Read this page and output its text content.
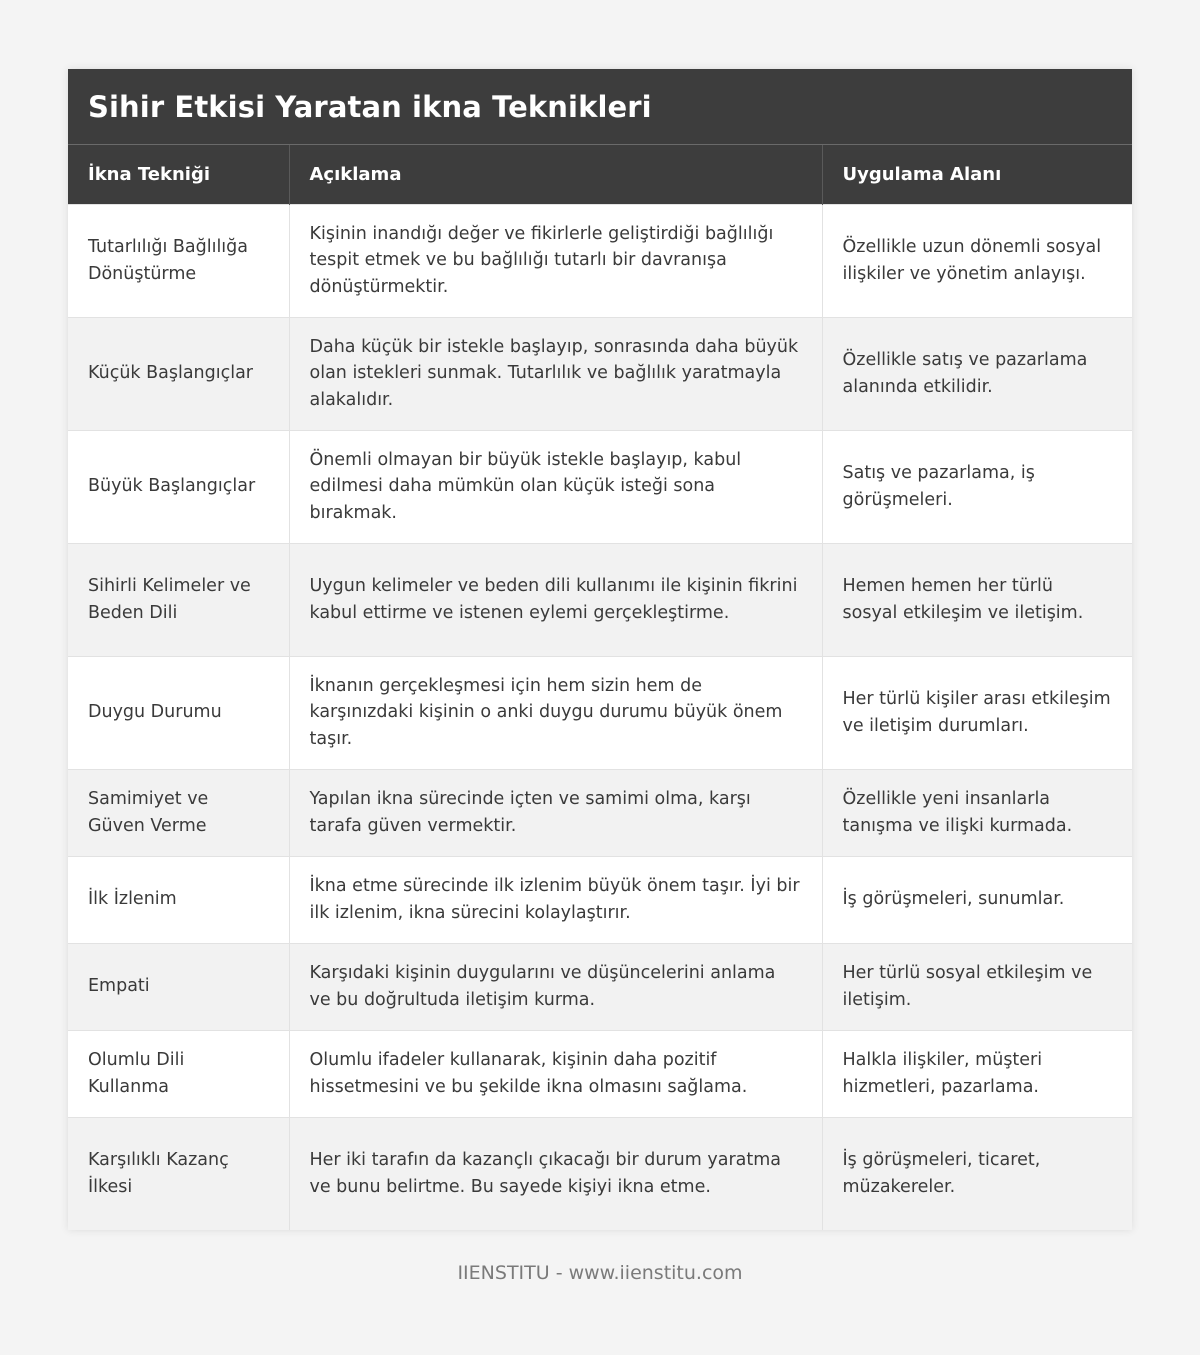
Sihir Etkisi Yaratan ikna Teknikleri
İkna Tekniği	Açıklama	Uygulama Alanı
Tutarlılığı Bağlılığa Dönüştürme	Kişinin inandığı değer ve fikirlerle geliştirdiği bağlılığı tespit etmek ve bu bağlılığı tutarlı bir davranışa dönüştürmektir.	Özellikle uzun dönemli sosyal ilişkiler ve yönetim anlayışı.
Küçük Başlangıçlar	Daha küçük bir istekle başlayıp, sonrasında daha büyük olan istekleri sunmak. Tutarlılık ve bağlılık yaratmayla alakalıdır.	Özellikle satış ve pazarlama alanında etkilidir.
Büyük Başlangıçlar	Önemli olmayan bir büyük istekle başlayıp, kabul edilmesi daha mümkün olan küçük isteği sona bırakmak.	Satış ve pazarlama, iş görüşmeleri.
Sihirli Kelimeler ve Beden Dili	Uygun kelimeler ve beden dili kullanımı ile kişinin fikrini kabul ettirme ve istenen eylemi gerçekleştirme.	Hemen hemen her türlü sosyal etkileşim ve iletişim.
Duygu Durumu	İknanın gerçekleşmesi için hem sizin hem de karşınızdaki kişinin o anki duygu durumu büyük önem taşır.	Her türlü kişiler arası etkileşim ve iletişim durumları.
Samimiyet ve Güven Verme	Yapılan ikna sürecinde içten ve samimi olma, karşı tarafa güven vermektir.	Özellikle yeni insanlarla tanışma ve ilişki kurmada.
İlk İzlenim	İkna etme sürecinde ilk izlenim büyük önem taşır. İyi bir ilk izlenim, ikna sürecini kolaylaştırır.	İş görüşmeleri, sunumlar.
Empati	Karşıdaki kişinin duygularını ve düşüncelerini anlama ve bu doğrultuda iletişim kurma.	Her türlü sosyal etkileşim ve iletişim.
Olumlu Dili Kullanma	Olumlu ifadeler kullanarak, kişinin daha pozitif hissetmesini ve bu şekilde ikna olmasını sağlama.	Halkla ilişkiler, müşteri hizmetleri, pazarlama.
Karşılıklı Kazanç İlkesi	Her iki tarafın da kazançlı çıkacağı bir durum yaratma ve bunu belirtme. Bu sayede kişiyi ikna etme.	İş görüşmeleri, ticaret, müzakereler.
IIENSTITU - www.iienstitu.com
